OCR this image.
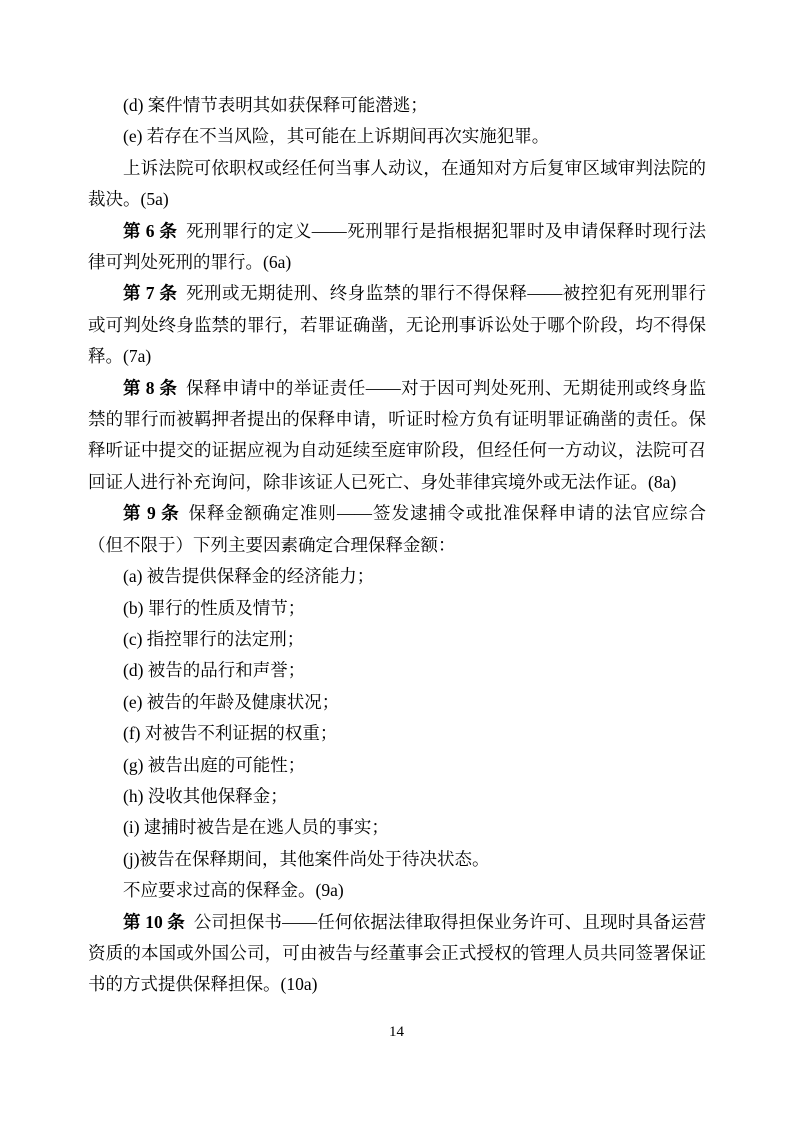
(d) 案件情节表明其如获保释可能潜逃；

(e) 若存在不当风险，其可能在上诉期间再次实施犯罪。

上诉法院可依职权或经任何当事人动议，在通知对方后复审区域审判法院的裁决。(5a)

第 6 条 死刑罪行的定义——死刑罪行是指根据犯罪时及申请保释时现行法律可判处死刑的罪行。(6a)

第 7 条 死刑或无期徒刑、终身监禁的罪行不得保释——被控犯有死刑罪行或可判处终身监禁的罪行，若罪证确凿，无论刑事诉讼处于哪个阶段，均不得保释。(7a)

第 8 条 保释申请中的举证责任——对于因可判处死刑、无期徒刑或终身监禁的罪行而被羁押者提出的保释申请，听证时检方负有证明罪证确凿的责任。保释听证中提交的证据应视为自动延续至庭审阶段，但经任何一方动议，法院可召回证人进行补充询问，除非该证人已死亡、身处菲律宾境外或无法作证。(8a)

第 9 条 保释金额确定准则——签发逮捕令或批准保释申请的法官应综合（但不限于）下列主要因素确定合理保释金额：

(a) 被告提供保释金的经济能力；

(b) 罪行的性质及情节；

(c) 指控罪行的法定刑；

(d) 被告的品行和声誉；

(e) 被告的年龄及健康状况；

(f) 对被告不利证据的权重；

(g) 被告出庭的可能性；

(h) 没收其他保释金；

(i) 逮捕时被告是在逃人员的事实；

(j)被告在保释期间，其他案件尚处于待决状态。

不应要求过高的保释金。(9a)

第 10 条 公司担保书——任何依据法律取得担保业务许可、且现时具备运营资质的本国或外国公司，可由被告与经董事会正式授权的管理人员共同签署保证书的方式提供保释担保。(10a)

14
